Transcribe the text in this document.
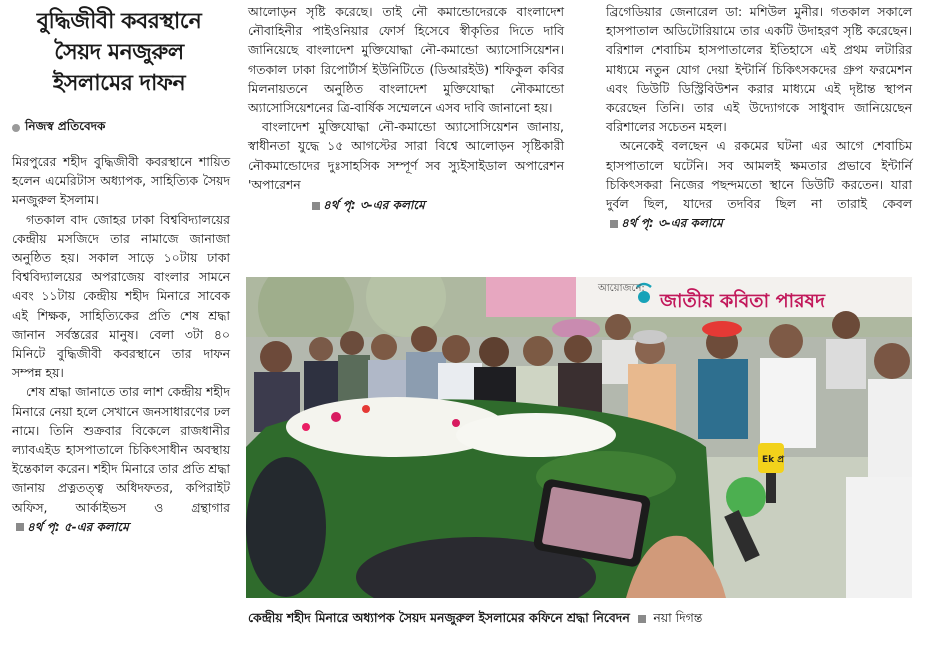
বুদ্ধিজীবী কবরস্থানে
সৈয়দ মনজুরুল
ইসলামের দাফন
নিজস্ব প্রতিবেদক

মিরপুরের শহীদ বুদ্ধিজীবী কবরস্থানে শায়িত হলেন এমেরিটাস অধ্যাপক, সাহিত্যিক সৈয়দ মনজুরুল ইসলাম।

গতকাল বাদ জোহর ঢাকা বিশ্ববিদ্যালয়ের কেন্দ্রীয় মসজিদে তার নামাজে জানাজা অনুষ্ঠিত হয়। সকাল সাড়ে ১০টায় ঢাকা বিশ্ববিদ্যালয়ের অপরাজেয় বাংলার সামনে এবং ১১টায় কেন্দ্রীয় শহীদ মিনারে সাবেক এই শিক্ষক, সাহিত্যিকের প্রতি শেষ শ্রদ্ধা জানান সর্বস্তরের মানুষ। বেলা ৩টা ৪০ মিনিটে বুদ্ধিজীবী কবরস্থানে তার দাফন সম্পন্ন হয়।

শেষ শ্রদ্ধা জানাতে তার লাশ কেন্দ্রীয় শহীদ মিনারে নেয়া হলে সেখানে জনসাধারণের ঢল নামে। তিনি শুক্রবার বিকেলে রাজধানীর ল্যাবএইড হাসপাতালে চিকিৎসাধীন অবস্থায় ইন্তেকাল করেন। শহীদ মিনারে তার প্রতি শ্রদ্ধা জানায় প্রত্নতত্ত্ব অধিদফতর, কপিরাইট অফিস, আর্কাইভস ও গ্রন্থাগার ৪র্থ পৃ: ৫-এর কলামে

আলোড়ন সৃষ্টি করেছে। তাই নৌ কমান্ডোদেরকে বাংলাদেশ নৌবাহিনীর পাইওনিয়ার ফোর্স হিসেবে স্বীকৃতির দিতে দাবি জানিয়েছে বাংলাদেশ মুক্তিযোদ্ধা নৌ-কমান্ডো অ্যাসোসিয়েশন। গতকাল ঢাকা রিপোর্টার্স ইউনিটিতে (ডিআরইউ) শফিকুল কবির মিলনায়তনে অনুষ্ঠিত বাংলাদেশ মুক্তিযোদ্ধা নৌকমান্ডো অ্যাসোসিয়েশনের ত্রি-বার্ষিক সম্মেলনে এসব দাবি জানানো হয়।

বাংলাদেশ মুক্তিযোদ্ধা নৌ-কমান্ডো অ্যাসোসিয়েশন জানায়, স্বাধীনতা যুদ্ধে ১৫ আগস্টের সারা বিশ্বে আলোড়ন সৃষ্টিকারী নৌকমান্ডোদের দুঃসাহসিক সম্পূর্ণ সব স্যুইসাইডাল অপারেশন 'অপারেশন

৪র্থ পৃ: ৩-এর কলামে

ব্রিগেডিয়ার জেনারেল ডা: মশিউল মুনীর। গতকাল সকালে হাসপাতাল অডিটোরিয়ামে তার একটি উদাহরণ সৃষ্টি করেছেন। বরিশাল শেবাচিম হাসপাতালের ইতিহাসে এই প্রথম লটারির মাধ্যমে নতুন যোগ দেয়া ইন্টার্নি চিকিৎসকদের গ্রুপ ফরমেশন এবং ডিউটি ডিস্ট্রিবিউশন করার মাধ্যমে এই দৃষ্টান্ত স্থাপন করেছেন তিনি। তার এই উদ্যোগকে সাধুবাদ জানিয়েছেন বরিশালের সচেতন মহল।

অনেকেই বলছেন এ রকমের ঘটনা এর আগে শেবাচিম হাসপাতালে ঘটেনি। সব আমলই ক্ষমতার প্রভাবে ইন্টার্নি চিকিৎসকরা নিজের পছন্দমতো স্থানে ডিউটি করতেন। যারা দুর্বল ছিল, যাদের তদবির ছিল না তারাই কেবল ৪র্থ পৃ: ৩-এর কলামে

আয়োজনে:
জাতীয় কবিতা পারষদ
Ek প্র
কেন্দ্রীয় শহীদ মিনারে অধ্যাপক সৈয়দ মনজুরুল ইসলামের কফিনে শ্রদ্ধা নিবেদন নয়া দিগন্ত
